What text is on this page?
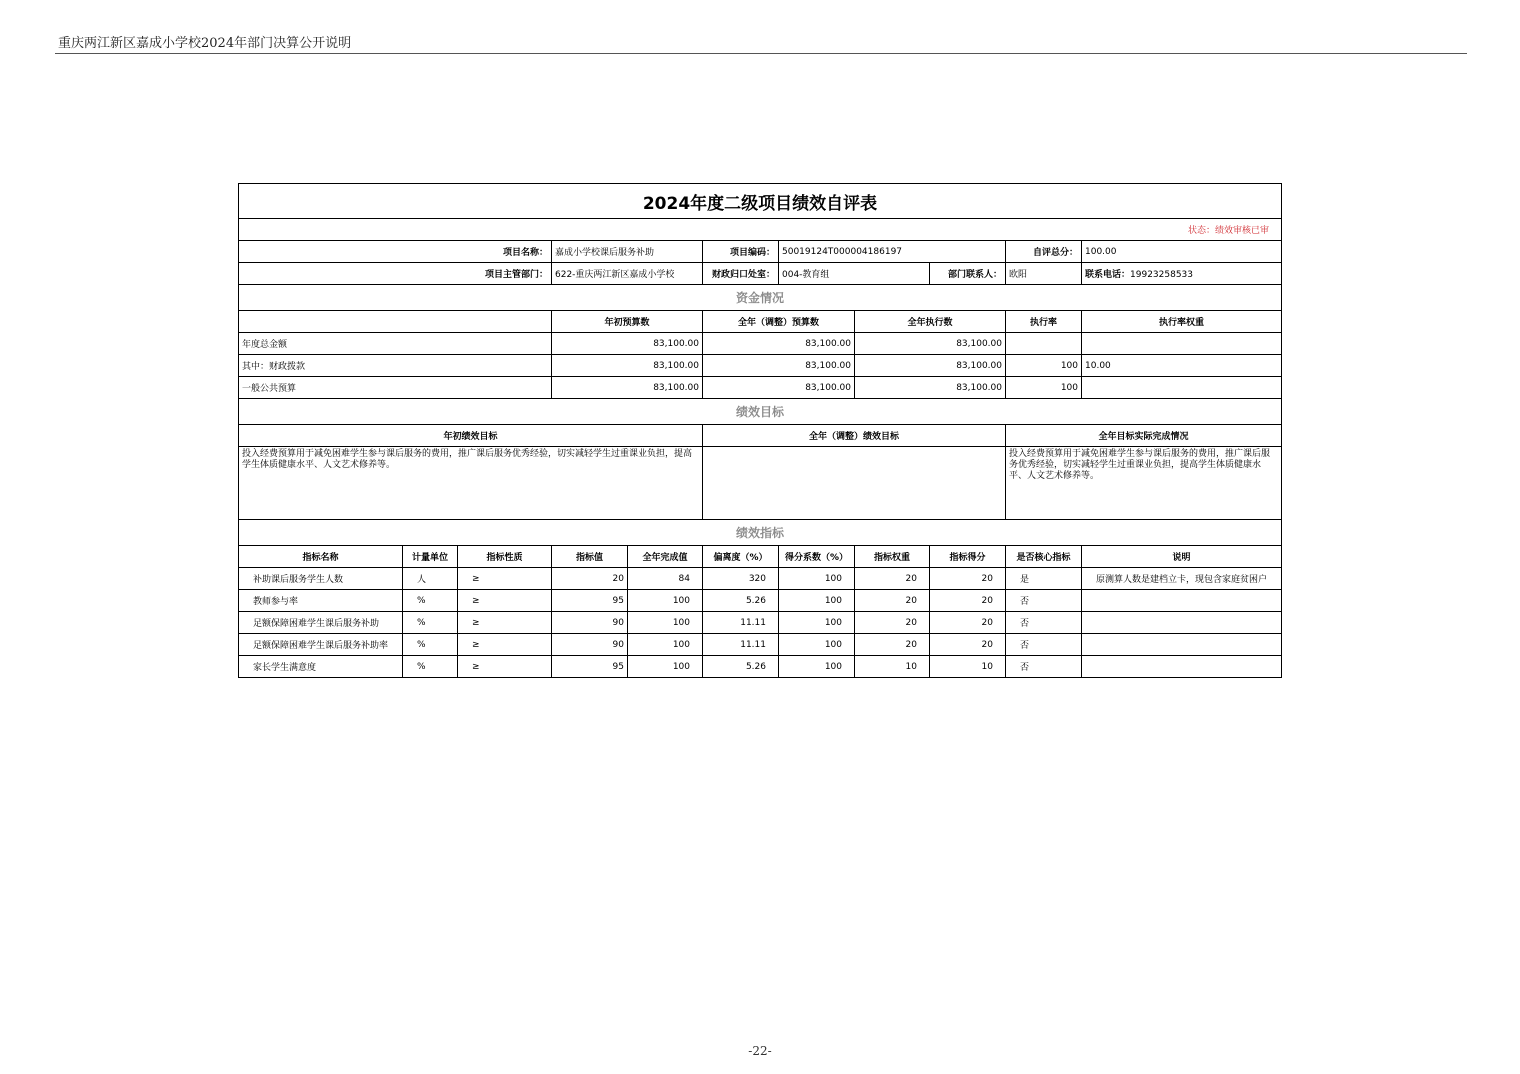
重庆两江新区嘉成小学校2024年部门决算公开说明
2024年度二级项目绩效自评表											
状态：绩效审核已审											
项目名称：			嘉成小学校课后服务补助		项目编码：	50019124T000004186197			自评总分：	100.00	
项目主管部门：			622-重庆两江新区嘉成小学校		财政归口处室：	004-教育组		部门联系人：	欧阳	联系电话：19923258533	
资金情况											
			年初预算数		全年（调整）预算数		全年执行数		执行率	执行率权重	
年度总金额			83,100.00		83,100.00		83,100.00				
其中：财政拨款			83,100.00		83,100.00		83,100.00		100	10.00	
一般公共预算			83,100.00		83,100.00		83,100.00		100		
绩效目标											
年初绩效目标					全年（调整）绩效目标				全年目标实际完成情况		
投入经费预算用于减免困难学生参与课后服务的费用，推广课后服务优秀经验，切实减轻学生过重课业负担，提高学生体质健康水平、人文艺术修养等。									投入经费预算用于减免困难学生参与课后服务的费用，推广课后服务优秀经验，切实减轻学生过重课业负担，提高学生体质健康水平、人文艺术修养等。		
绩效指标											
指标名称	计量单位	指标性质	指标值	全年完成值	偏离度（%）	得分系数（%）	指标权重	指标得分	是否核心指标	说明	
补助课后服务学生人数	人	≥	20	84	320	100	20	20	是	原测算人数是建档立卡，现包含家庭贫困户	
教师参与率	%	≥	95	100	5.26	100	20	20	否		
足额保障困难学生课后服务补助	%	≥	90	100	11.11	100	20	20	否		
足额保障困难学生课后服务补助率	%	≥	90	100	11.11	100	20	20	否		
家长学生满意度	%	≥	95	100	5.26	100	10	10	否		
-22-
